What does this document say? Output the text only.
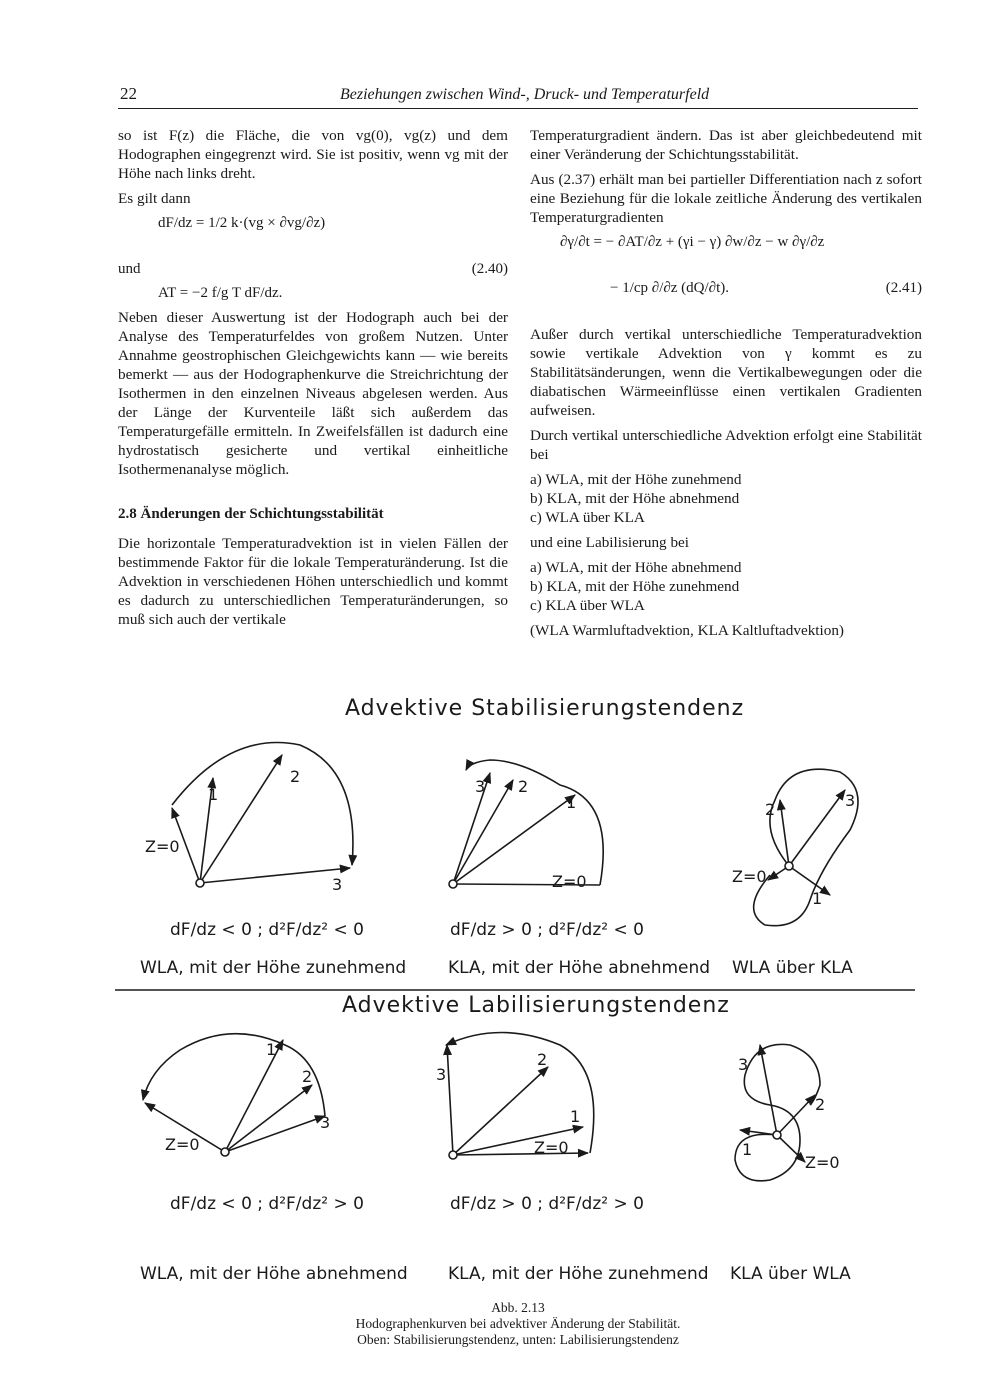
22	Beziehungen zwischen Wind-, Druck- und Temperaturfeld

so ist F(z) die Fläche, die von vg(0), vg(z) und dem Hodographen eingegrenzt wird. Sie ist positiv, wenn vg mit der Höhe nach links dreht.

Es gilt dann

dF/dz = 1/2 k·(vg × ∂vg/∂z)
und	(2.40)
AT = −2 f/g T dF/dz.

Neben dieser Auswertung ist der Hodograph auch bei der Analyse des Temperaturfeldes von großem Nutzen. Unter Annahme geostrophischen Gleichgewichts kann — wie bereits bemerkt — aus der Hodographenkurve die Streichrichtung der Isothermen in den einzelnen Niveaus abgelesen werden. Aus der Länge der Kurventeile läßt sich außerdem das Temperaturgefälle ermitteln. In Zweifelsfällen ist dadurch eine hydrostatisch gesicherte und vertikal einheitliche Isothermenanalyse möglich.

2.8 Änderungen der Schichtungsstabilität

Die horizontale Temperaturadvektion ist in vielen Fällen der bestimmende Faktor für die lokale Temperaturänderung. Ist die Advektion in verschiedenen Höhen unterschiedlich und kommt es dadurch zu unterschiedlichen Temperaturänderungen, so muß sich auch der vertikale

Temperaturgradient ändern. Das ist aber gleichbedeutend mit einer Veränderung der Schichtungsstabilität.

Aus (2.37) erhält man bei partieller Differentiation nach z sofort eine Beziehung für die lokale zeitliche Änderung des vertikalen Temperaturgradienten

∂γ/∂t = − ∂AT/∂z + (γi − γ) ∂w/∂z − w ∂γ/∂z
− 1/cp ∂/∂z (dQ/∂t).	(2.41)

Außer durch vertikal unterschiedliche Temperaturadvektion sowie vertikale Advektion von γ kommt es zu Stabilitätsänderungen, wenn die Vertikalbewegungen oder die diabatischen Wärmeeinflüsse einen vertikalen Gradienten aufweisen.

Durch vertikal unterschiedliche Advektion erfolgt eine Stabilität bei

a) WLA, mit der Höhe zunehmend
b) KLA, mit der Höhe abnehmend
c) WLA über KLA

und eine Labilisierung bei

a) WLA, mit der Höhe abnehmend
b) KLA, mit der Höhe zunehmend
c) KLA über WLA

(WLA Warmluftadvektion, KLA Kaltluftadvektion)

Advektive Stabilisierungstendenz
Advektive Labilisierungstendenz
Z=0
1
2
3
3 2
1
Z=0
2	3
Z=0
1
1
2
3
Z=0
3
2
1
Z=0
3
2
1
Z=0
dF/dz < 0 ; d²F/dz² < 0	dF/dz > 0 ; d²F/dz² < 0
WLA, mit der Höhe zunehmend KLA, mit der Höhe abnehmend WLA über KLA
dF/dz < 0 ; d²F/dz² > 0	dF/dz > 0 ; d²F/dz² > 0
WLA, mit der Höhe abnehmend KLA, mit der Höhe zunehmend KLA über WLA
Abb. 2.13
Hodographenkurven bei advektiver Änderung der Stabilität.
Oben: Stabilisierungstendenz, unten: Labilisierungstendenz
